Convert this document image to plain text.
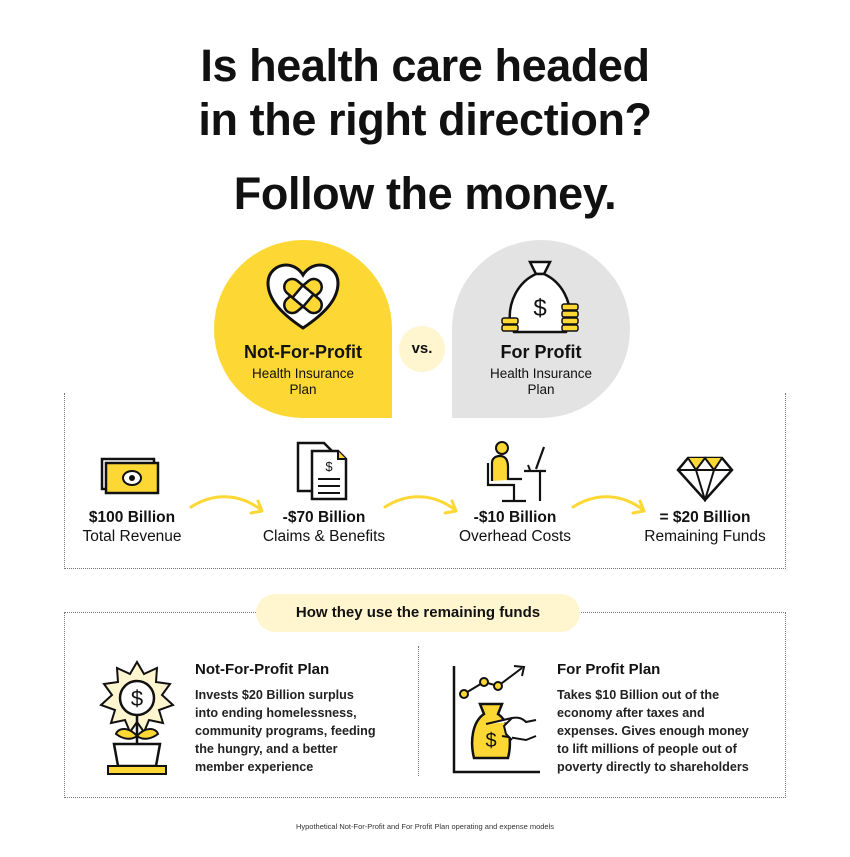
Is health care headed
in the right direction?
Follow the money.
Not-For-Profit
Health Insurance
Plan
vs.
$
For Profit
Health Insurance
Plan
$
$100 Billion
Total Revenue
-$70 Billion
Claims & Benefits
-$10 Billion
Overhead Costs
= $20 Billion
Remaining Funds
How they use the remaining funds
$
Not-For-Profit Plan
Invests $20 Billion surplus
into ending homelessness,
community programs, feeding
the hungry, and a better
member experience
$
For Profit Plan
Takes $10 Billion out of the
economy after taxes and
expenses. Gives enough money
to lift millions of people out of
poverty directly to shareholders
Hypothetical Not-For-Profit and For Profit Plan operating and expense models
